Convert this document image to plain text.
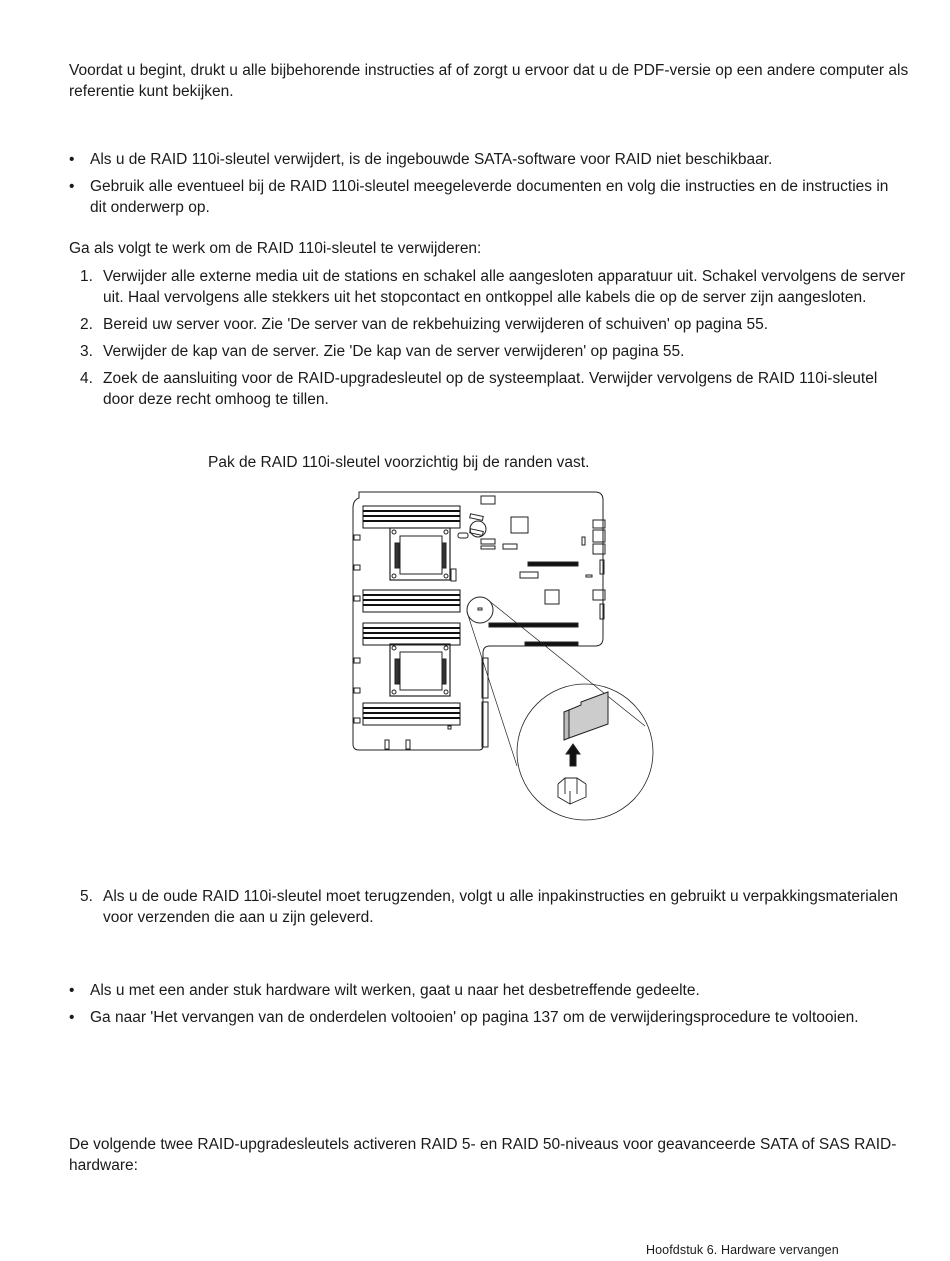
Voordat u begint, drukt u alle bijbehorende instructies af of zorgt u ervoor dat u de PDF-versie op een andere computer als referentie kunt bekijken.
• Als u de RAID 110i-sleutel verwijdert, is de ingebouwde SATA-software voor RAID niet beschikbaar.
• Gebruik alle eventueel bij de RAID 110i-sleutel meegeleverde documenten en volg die instructies en de instructies in dit onderwerp op.
Ga als volgt te werk om de RAID 110i-sleutel te verwijderen:
1. Verwijder alle externe media uit de stations en schakel alle aangesloten apparatuur uit. Schakel vervolgens de server uit. Haal vervolgens alle stekkers uit het stopcontact en ontkoppel alle kabels die op de server zijn aangesloten.
2. Bereid uw server voor. Zie 'De server van de rekbehuizing verwijderen of schuiven' op pagina 55.
3. Verwijder de kap van de server. Zie 'De kap van de server verwijderen' op pagina 55.
4. Zoek de aansluiting voor de RAID-upgradesleutel op de systeemplaat. Verwijder vervolgens de RAID 110i-sleutel door deze recht omhoog te tillen.
Pak de RAID 110i-sleutel voorzichtig bij de randen vast.
5. Als u de oude RAID 110i-sleutel moet terugzenden, volgt u alle inpakinstructies en gebruikt u verpakkingsmaterialen voor verzenden die aan u zijn geleverd.
• Als u met een ander stuk hardware wilt werken, gaat u naar het desbetreffende gedeelte.
• Ga naar 'Het vervangen van de onderdelen voltooien' op pagina 137 om de verwijderingsprocedure te voltooien.
De volgende twee RAID-upgradesleutels activeren RAID 5- en RAID 50-niveaus voor geavanceerde SATA of SAS RAID-hardware:
Hoofdstuk 6. Hardware vervangen
